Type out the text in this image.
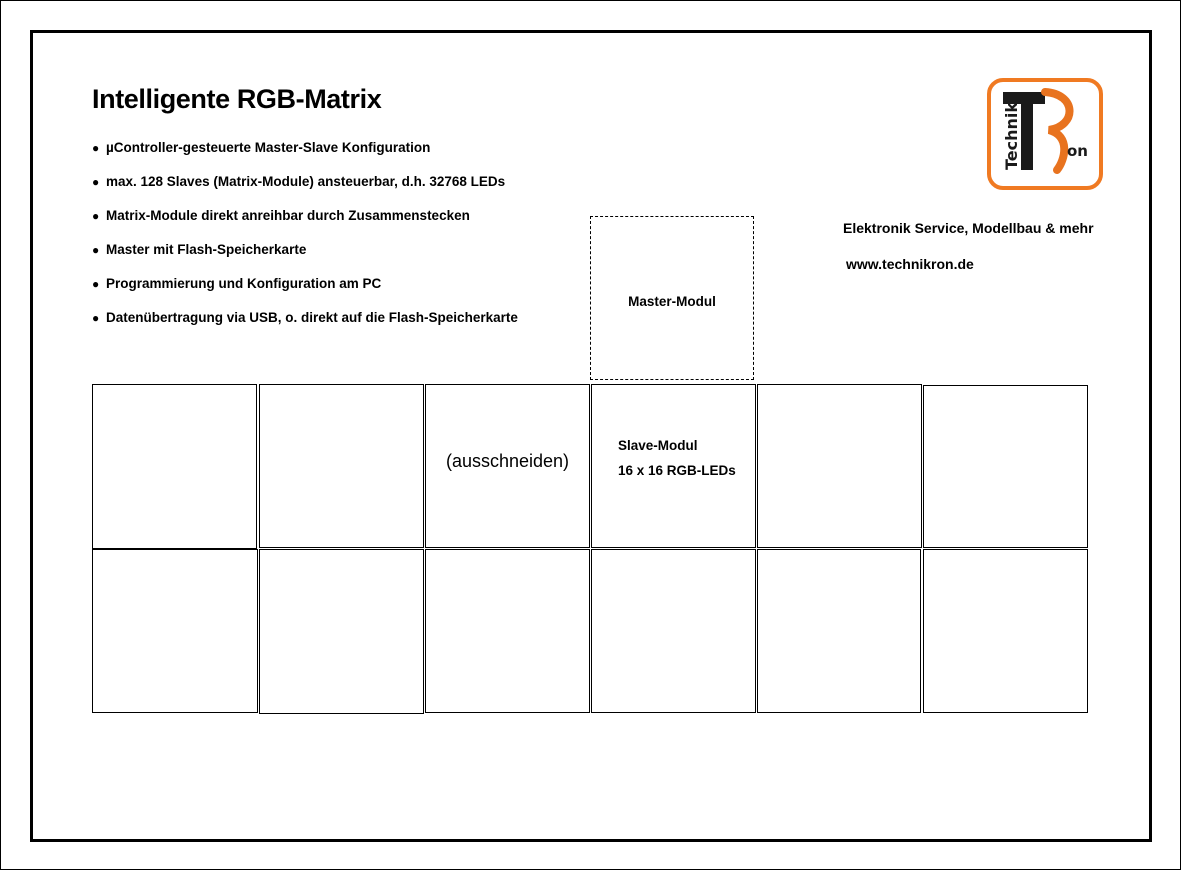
Intelligente RGB-Matrix
● µController-gesteuerte Master-Slave Konfiguration
● max. 128 Slaves (Matrix-Module) ansteuerbar, d.h. 32768 LEDs
● Matrix-Module direkt anreihbar durch Zusammenstecken
● Master mit Flash-Speicherkarte
● Programmierung und Konfiguration am PC
● Datenübertragung via USB, o. direkt auf die Flash-Speicherkarte
Technik	on
Elektronik Service, Modellbau & mehr
www.technikron.de
Master-Modul
(ausschneiden)
Slave-Modul
16 x 16 RGB-LEDs
